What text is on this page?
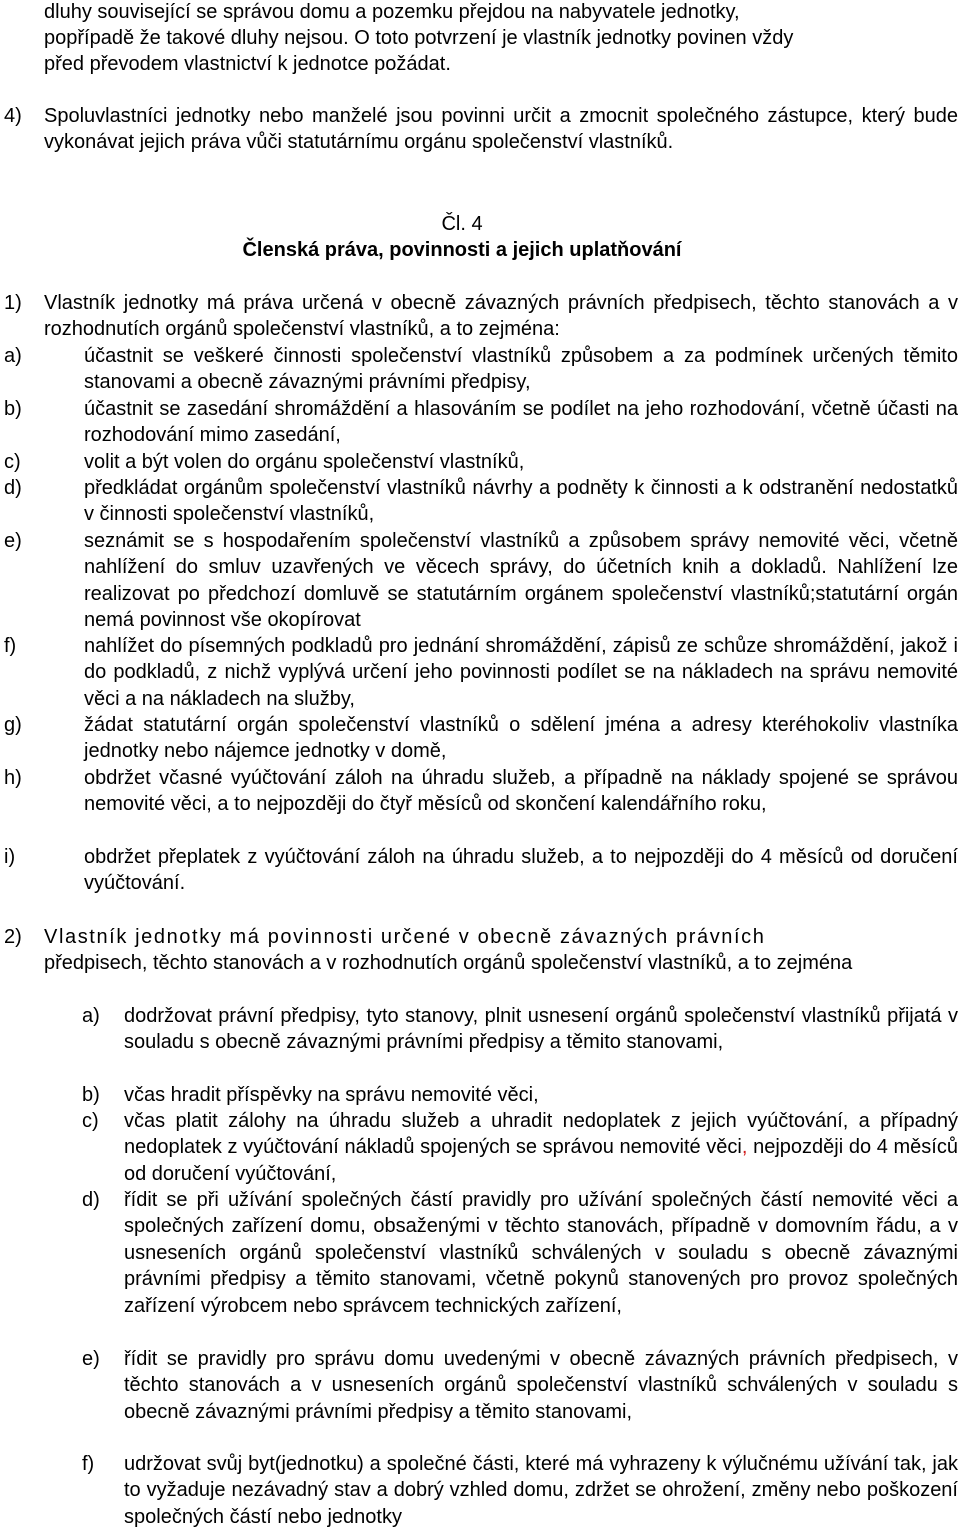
dluhy související se správou domu a pozemku přejdou na nabyvatele jednotky,
popřípadě že takové dluhy nejsou. O toto potvrzení je vlastník jednotky povinen vždy
před převodem vlastnictví k jednotce požádat.
4) Spoluvlastníci jednotky nebo manželé jsou povinni určit a zmocnit společného zástupce, který bude vykonávat jejich práva vůči statutárnímu orgánu společenství vlastníků.
Čl. 4
Členská práva, povinnosti a jejich uplatňování
1) Vlastník jednotky má práva určená v obecně závazných právních předpisech, těchto stanovách a v rozhodnutích orgánů společenství vlastníků, a to zejména:
a)	účastnit se veškeré činnosti společenství vlastníků způsobem a za podmínek určených těmito stanovami a obecně závaznými právními předpisy,
b)	účastnit se zasedání shromáždění a hlasováním se podílet na jeho rozhodování, včetně účasti na rozhodování mimo zasedání,
c)	volit a být volen do orgánu společenství vlastníků,
d)	předkládat orgánům společenství vlastníků návrhy a podněty k činnosti a k odstranění nedostatků v činnosti společenství vlastníků,
e)	seznámit se s hospodařením společenství vlastníků a způsobem správy nemovité věci, včetně nahlížení do smluv uzavřených ve věcech správy, do účetních knih a dokladů. Nahlížení lze realizovat po předchozí domluvě se statutárním orgánem společenství vlastníků;statutární orgán nemá povinnost vše okopírovat
f)	nahlížet do písemných podkladů pro jednání shromáždění, zápisů ze schůze shromáždění, jakož i do podkladů, z nichž vyplývá určení jeho povinnosti podílet se na nákladech na správu nemovité věci a na nákladech na služby,
g)	žádat statutární orgán společenství vlastníků o sdělení jména a adresy kteréhokoliv vlastníka jednotky nebo nájemce jednotky v domě,
h)	obdržet včasné vyúčtování záloh na úhradu služeb, a případně na náklady spojené se správou nemovité věci, a to nejpozději do čtyř měsíců od skončení kalendářního roku,
i)	obdržet přeplatek z vyúčtování záloh na úhradu služeb, a to nejpozději do 4 měsíců od doručení vyúčtování.
2) Vlastník jednotky má povinnosti určené v obecně závazných právních
předpisech, těchto stanovách a v rozhodnutích orgánů společenství vlastníků, a to zejména
a) dodržovat právní předpisy, tyto stanovy, plnit usnesení orgánů společenství vlastníků přijatá v souladu s obecně závaznými právními předpisy a těmito stanovami,
b) včas hradit příspěvky na správu nemovité věci,
c) včas platit zálohy na úhradu služeb a uhradit nedoplatek z jejich vyúčtování, a případný nedoplatek z vyúčtování nákladů spojených se správou nemovité věci, nejpozději do 4 měsíců od doručení vyúčtování,
d) řídit se při užívání společných částí pravidly pro užívání společných částí nemovité věci a společných zařízení domu, obsaženými v těchto stanovách, případně v domovním řádu, a v usneseních orgánů společenství vlastníků schválených v souladu s obecně závaznými právními předpisy a těmito stanovami, včetně pokynů stanovených pro provoz společných zařízení výrobcem nebo správcem technických zařízení,
e) řídit se pravidly pro správu domu uvedenými v obecně závazných právních předpisech, v těchto stanovách a v usneseních orgánů společenství vlastníků schválených v souladu s obecně závaznými právními předpisy a těmito stanovami,
f) udržovat svůj byt(jednotku) a společné části, které má vyhrazeny k výlučnému užívání tak, jak to vyžaduje nezávadný stav a dobrý vzhled domu, zdržet se ohrožení, změny nebo poškození společných částí nebo jednotky
